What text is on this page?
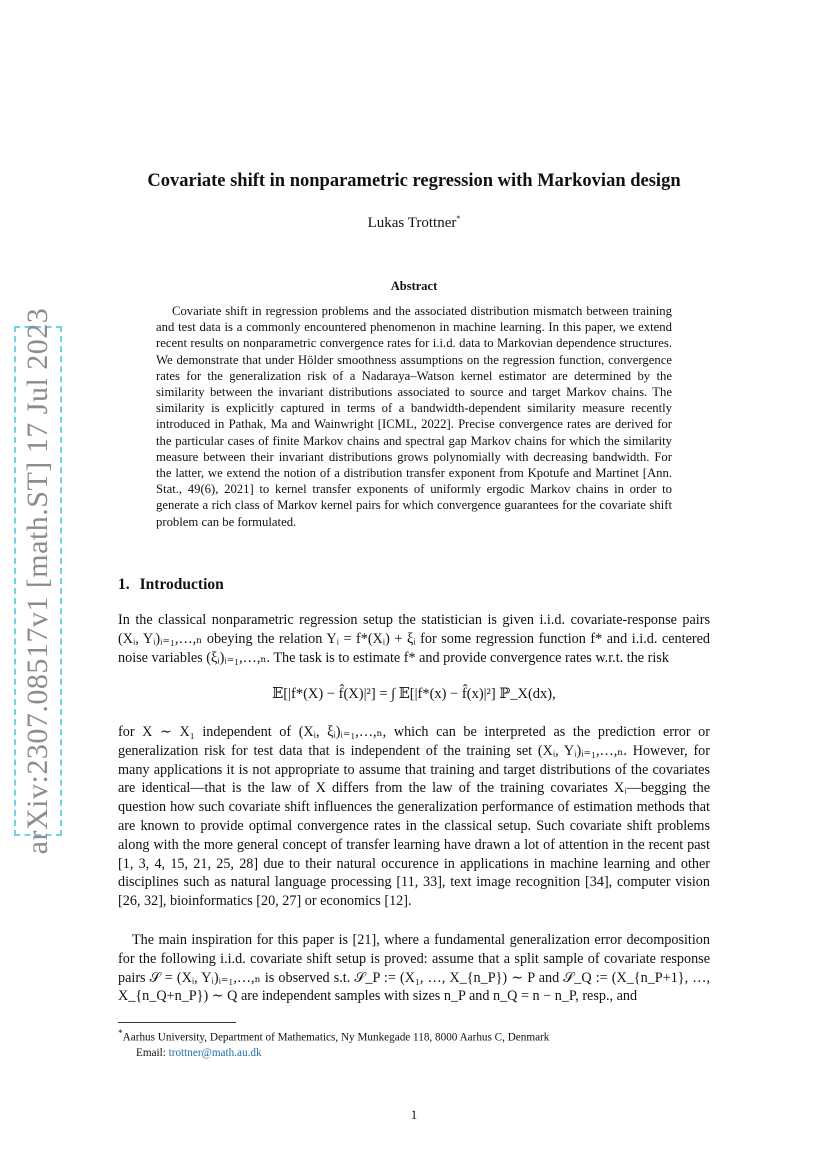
arXiv:2307.08517v1 [math.ST] 17 Jul 2023
Covariate shift in nonparametric regression with Markovian design
Lukas Trottner*
Abstract

Covariate shift in regression problems and the associated distribution mismatch between training and test data is a commonly encountered phenomenon in machine learning. In this paper, we extend recent results on nonparametric convergence rates for i.i.d. data to Markovian dependence structures. We demonstrate that under Hölder smoothness assumptions on the regression function, convergence rates for the generalization risk of a Nadaraya–Watson kernel estimator are determined by the similarity between the invariant distributions associated to source and target Markov chains. The similarity is explicitly captured in terms of a bandwidth-dependent similarity measure recently introduced in Pathak, Ma and Wainwright [ICML, 2022]. Precise convergence rates are derived for the particular cases of finite Markov chains and spectral gap Markov chains for which the similarity measure between their invariant distributions grows polynomially with decreasing bandwidth. For the latter, we extend the notion of a distribution transfer exponent from Kpotufe and Martinet [Ann. Stat., 49(6), 2021] to kernel transfer exponents of uniformly ergodic Markov chains in order to generate a rich class of Markov kernel pairs for which convergence guarantees for the covariate shift problem can be formulated.

1. Introduction

In the classical nonparametric regression setup the statistician is given i.i.d. covariate-response pairs (Xᵢ, Yᵢ)ᵢ₌₁,…,ₙ obeying the relation Yᵢ = f*(Xᵢ) + ξᵢ for some regression function f* and i.i.d. centered noise variables (ξᵢ)ᵢ₌₁,…,ₙ. The task is to estimate f* and provide convergence rates w.r.t. the risk

𝔼[|f*(X) − f̂(X)|²] = ∫ 𝔼[|f*(x) − f̂(x)|²] ℙ_X(dx),

for X ∼ X₁ independent of (Xᵢ, ξᵢ)ᵢ₌₁,…,ₙ, which can be interpreted as the prediction error or generalization risk for test data that is independent of the training set (Xᵢ, Yᵢ)ᵢ₌₁,…,ₙ. However, for many applications it is not appropriate to assume that training and target distributions of the covariates are identical—that is the law of X differs from the law of the training covariates Xᵢ—begging the question how such covariate shift influences the generalization performance of estimation methods that are known to provide optimal convergence rates in the classical setup. Such covariate shift problems along with the more general concept of transfer learning have drawn a lot of attention in the recent past [1, 3, 4, 15, 21, 25, 28] due to their natural occurence in applications in machine learning and other disciplines such as natural language processing [11, 33], text image recognition [34], computer vision [26, 32], bioinformatics [20, 27] or economics [12].

The main inspiration for this paper is [21], where a fundamental generalization error decomposition for the following i.i.d. covariate shift setup is proved: assume that a split sample of covariate response pairs 𝒮 = (Xᵢ, Yᵢ)ᵢ₌₁,…,ₙ is observed s.t. 𝒮_P := (X₁, …, X_{n_P}) ∼ P and 𝒮_Q := (X_{n_P+1}, …, X_{n_Q+n_P}) ∼ Q are independent samples with sizes n_P and n_Q = n − n_P, resp., and

*Aarhus University, Department of Mathematics, Ny Munkegade 118, 8000 Aarhus C, Denmark
Email: trottner@math.au.dk
1
